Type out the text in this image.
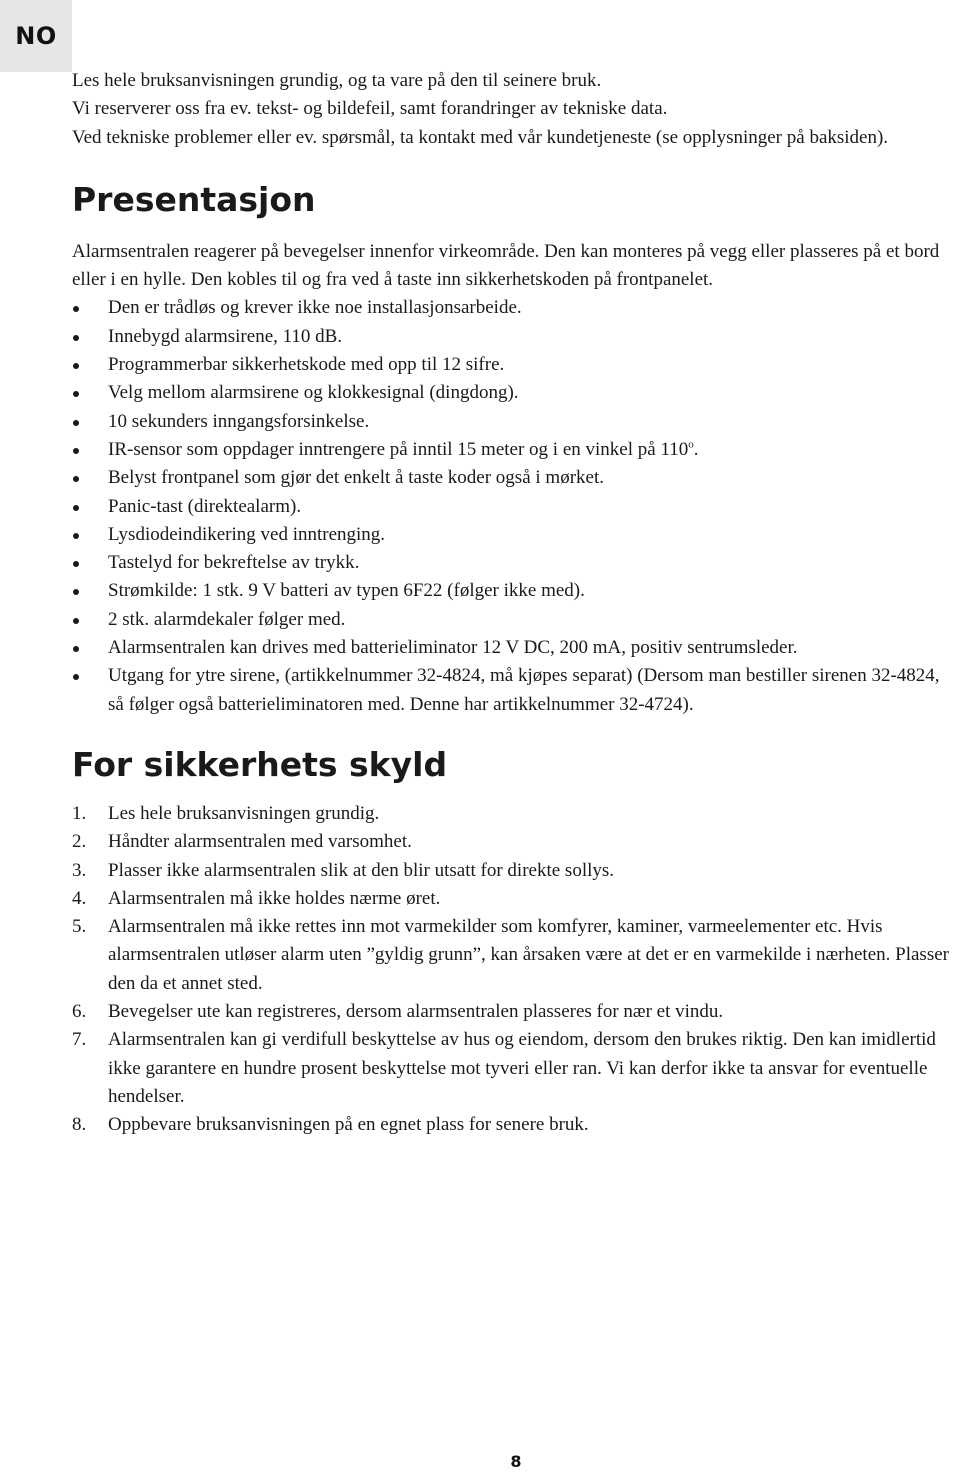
NO
Les hele bruksanvisningen grundig, og ta vare på den til seinere bruk.
Vi reserverer oss fra ev. tekst- og bildefeil, samt forandringer av tekniske data.
Ved tekniske problemer eller ev. spørsmål, ta kontakt med vår kundetjeneste (se opplysninger på baksiden).
Presentasjon

Alarmsentralen reagerer på bevegelser innenfor virkeområde. Den kan monteres på vegg eller plasseres på et bord eller i en hylle. Den kobles til og fra ved å taste inn sikkerhetskoden på frontpanelet.

Den er trådløs og krever ikke noe installasjonsarbeide.
Innebygd alarmsirene, 110 dB.
Programmerbar sikkerhetskode med opp til 12 sifre.
Velg mellom alarmsirene og klokkesignal (dingdong).
10 sekunders inngangsforsinkelse.
IR-sensor som oppdager inntrengere på inntil 15 meter og i en vinkel på 110$^o$.
Belyst frontpanel som gjør det enkelt å taste koder også i mørket.
Panic-tast (direktealarm).
Lysdiodeindikering ved inntrenging.
Tastelyd for bekreftelse av trykk.
Strømkilde: 1 stk. 9 V batteri av typen 6F22 (følger ikke med).
2 stk. alarmdekaler følger med.
Alarmsentralen kan drives med batterieliminator 12 V DC, 200 mA, positiv sentrumsleder.
Utgang for ytre sirene, (artikkelnummer 32-4824, må kjøpes separat) (Dersom man bestiller sirenen 32-4824, så følger også batterieliminatoren med. Denne har artikkelnummer 32-4724).
For sikkerhets skyld
1. Les hele bruksanvisningen grundig.
2. Håndter alarmsentralen med varsomhet.
3. Plasser ikke alarmsentralen slik at den blir utsatt for direkte sollys.
4. Alarmsentralen må ikke holdes nærme øret.
5. Alarmsentralen må ikke rettes inn mot varmekilder som komfyrer, kaminer, varmeelementer etc. Hvis alarmsentralen utløser alarm uten ”gyldig grunn”, kan årsaken være at det er en varmekilde i nærheten. Plasser den da et annet sted.
6. Bevegelser ute kan registreres, dersom alarmsentralen plasseres for nær et vindu.
7. Alarmsentralen kan gi verdifull beskyttelse av hus og eiendom, dersom den brukes riktig. Den kan imidlertid ikke garantere en hundre prosent beskyttelse mot tyveri eller ran. Vi kan derfor ikke ta ansvar for eventuelle hendelser.
8. Oppbevare bruksanvisningen på en egnet plass for senere bruk.
8
